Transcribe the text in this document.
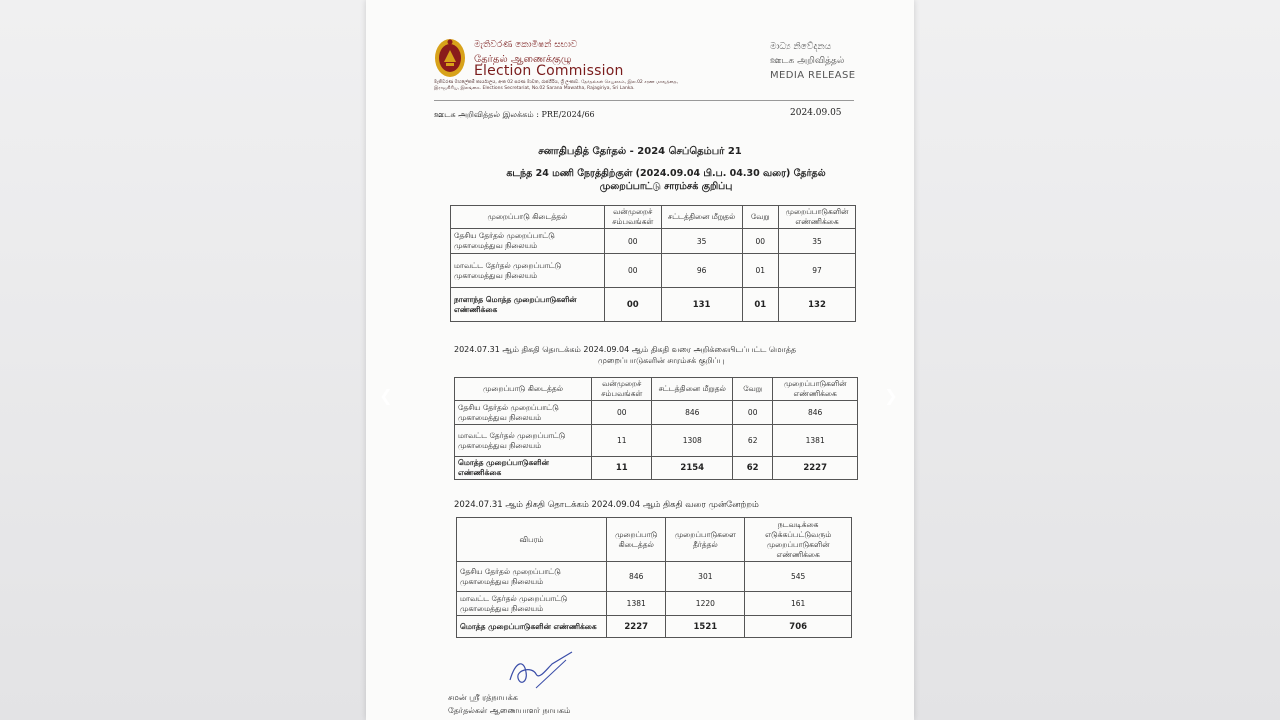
මැතිවරණ කොමිෂන් සභාව
தேர்தல் ஆணைக்குழு
Election Commission
මැතිවරණ මහලේකම් කාර්යාලය, අංක 02 සරණ මාවත, රාජගිරිය, ශ්‍රී ලංකාව. தேர்தல்கள் செயலகம், இல.02 சரண மாவத்தை, இராஜகிரிய, இலங்கை. Elections Secretariat, No.02 Sarana Mawatha, Rajagiriya, Sri Lanka.
මාධ්‍ය නිවේදනය
ஊடக அறிவித்தல்
MEDIA RELEASE
ஊடக அறிவித்தல் இலக்கம் : PRE/2024/66	2024.09.05
சனாதிபதித் தேர்தல் - 2024 செப்தெம்பர் 21
கடந்த 24 மணி நேரத்திற்குள் (2024.09.04 பி.ப. 04.30 வரை) தேர்தல்
முறைப்பாட்டு சாரம்சக் குறிப்பு
முறைப்பாடு கிடைத்தல்	வன்முறைச் சம்பவங்கள்	சட்டத்தினை மீறுதல்	வேறு	முறைப்பாடுகளின் எண்ணிக்கை
தேசிய தேர்தல் முறைப்பாட்டு முகாமைத்துவ நிலையம்	00	35	00	35
மாவட்ட தேர்தல் முறைப்பாட்டு முகாமைத்துவ நிலையம்	00	96	01	97
நாளாந்த மொத்த முறைப்பாடுகளின் எண்ணிக்கை	00	131	01	132
2024.07.31 ஆம் திகதி தொடக்கம் 2024.09.04 ஆம் திகதி வரை அறிக்கையிடப்பட்ட மொத்த
முறைப்பாடுகளின் சாரம்சக் குறிப்பு
முறைப்பாடு கிடைத்தல்	வன்முறைச் சம்பவங்கள்	சட்டத்தினை மீறுதல்	வேறு	முறைப்பாடுகளின் எண்ணிக்கை
தேசிய தேர்தல் முறைப்பாட்டு முகாமைத்துவ நிலையம்	00	846	00	846
மாவட்ட தேர்தல் முறைப்பாட்டு முகாமைத்துவ நிலையம்	11	1308	62	1381
மொத்த முறைப்பாடுகளின் எண்ணிக்கை	11	2154	62	2227
2024.07.31 ஆம் திகதி தொடக்கம் 2024.09.04 ஆம் திகதி வரை முன்னேற்றம்
விபரம்	முறைப்பாடு கிடைத்தல்	முறைப்பாடுகளை தீர்த்தல்	நடவடிக்கை எடுக்கப்பட்டுவரும் முறைப்பாடுகளின் எண்ணிக்கை
தேசிய தேர்தல் முறைப்பாட்டு முகாமைத்துவ நிலையம்	846	301	545
மாவட்ட தேர்தல் முறைப்பாட்டு முகாமைத்துவ நிலையம்	1381	1220	161
மொத்த முறைப்பாடுகளின் எண்ணிக்கை	2227	1521	706
சமன் ஸ்ரீ ரத்நாயக்க
தேர்தல்கள் ஆணையாளர் நாயகம்
❮	❯
